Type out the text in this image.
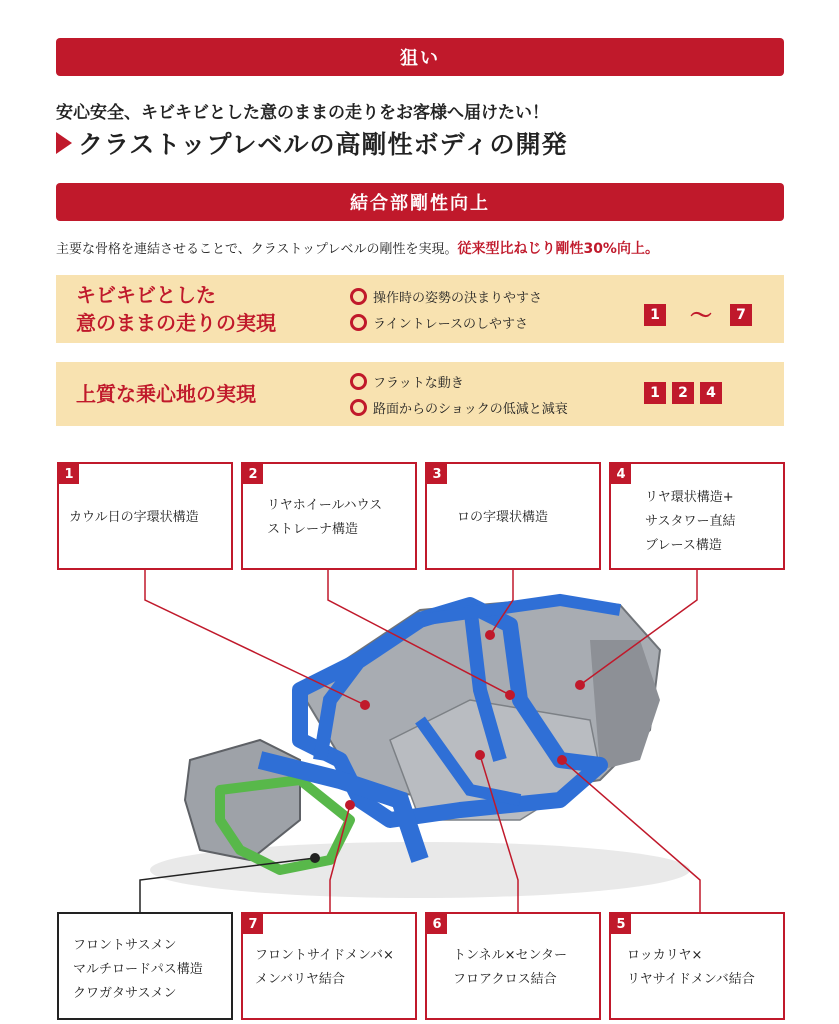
狙い
安心安全、キビキビとした意のままの走りをお客様へ届けたい！
クラストップレベルの高剛性ボディの開発
結合部剛性向上
主要な骨格を連結させることで、クラストップレベルの剛性を実現。従来型比ねじり剛性30%向上。
キビキビとした
意のままの走りの実現
操作時の姿勢の決まりやすさ
ライントレースのしやすさ
1 ～	7
上質な乗心地の実現	フラットな動き
路面からのショックの低減と減衰
1	2	4
1
カウル日の字環状構造
2
リヤホイールハウス
ストレーナ構造
3
ロの字環状構造
4
リヤ環状構造+
サスタワー直結
ブレース構造
フロントサスメン
マルチロードパス構造
クワガタサスメン
7
フロントサイドメンバ×
メンバリヤ結合
6
トンネル×センター
フロアクロス結合
5
ロッカリヤ×
リヤサイドメンバ結合
